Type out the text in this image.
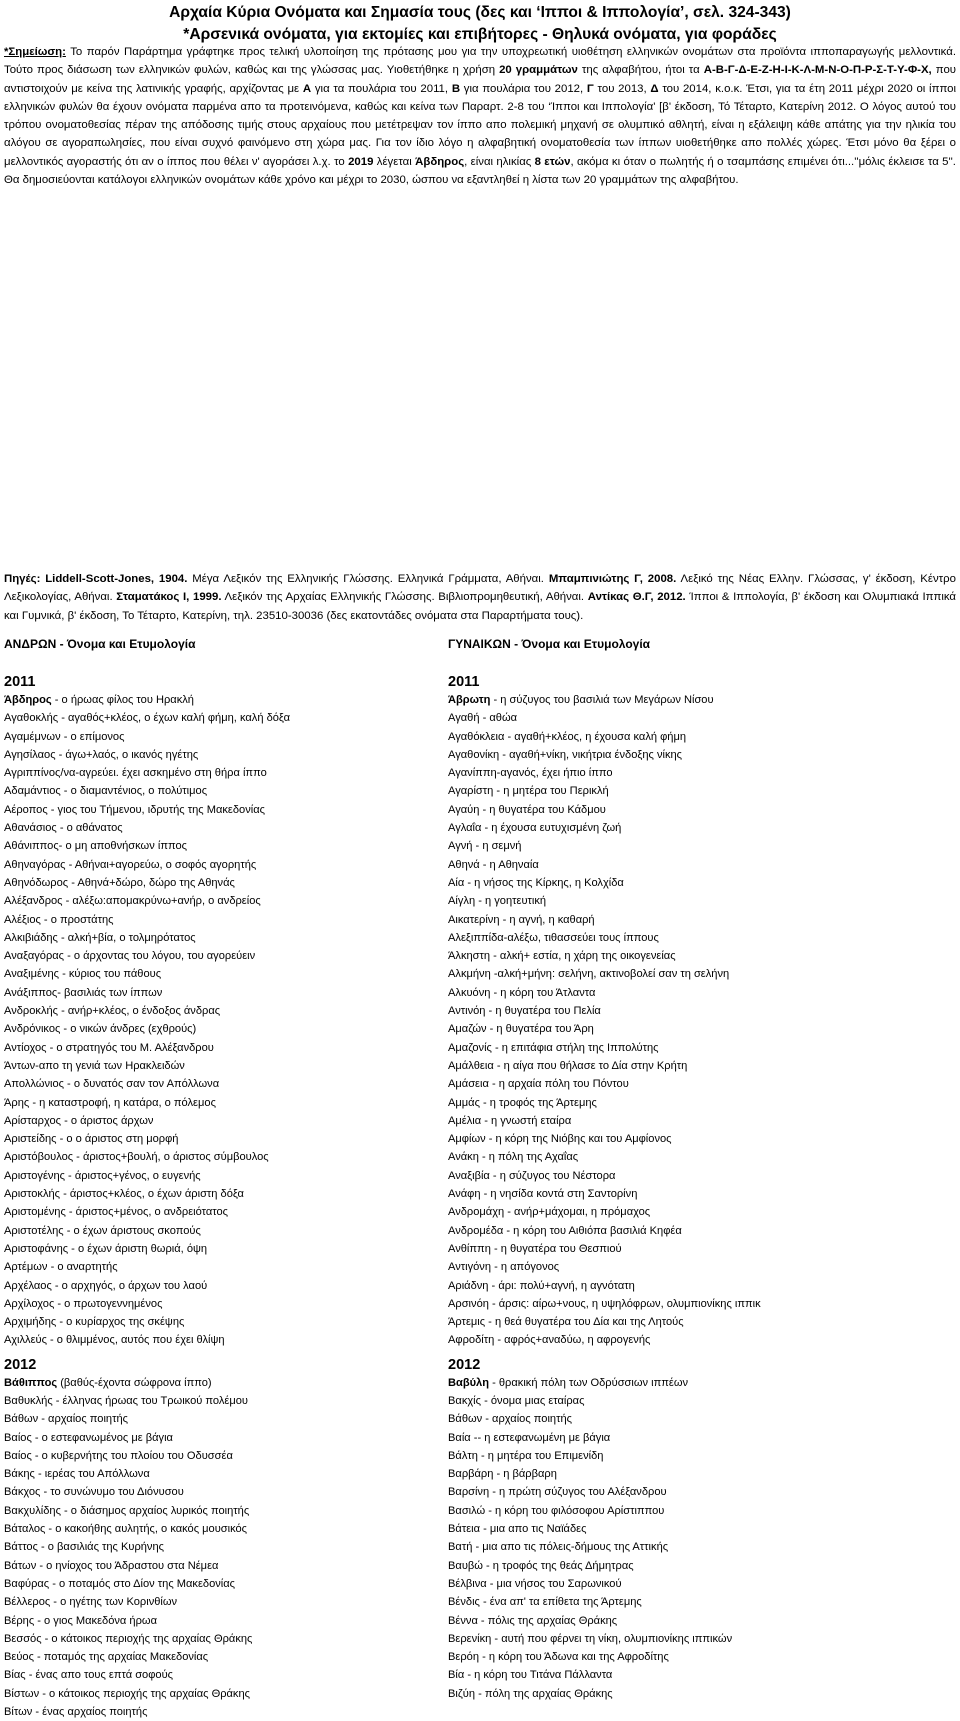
Αρχαία Κύρια Ονόματα και Σημασία τους (δες και ‘Ιπποι & Ιππολογία’, σελ. 324-343)
*Αρσενικά ονόματα, για εκτομίες και επιβήτορες - Θηλυκά ονόματα, για φοράδες
*Σημείωση: Το παρόν Παράρτημα γράφτηκε προς τελική υλοποίηση της πρότασης μου για την υποχρεωτική υιοθέτηση ελληνικών ονομάτων στα προϊόντα ιπποπαραγωγής μελλοντικά. Τούτο προς διάσωση των ελληνικών φυλών, καθώς και της γλώσσας μας. Υιοθετήθηκε η χρήση 20 γραμμάτων της αλφαβήτου, ήτοι τα Α-Β-Γ-Δ-Ε-Ζ-Η-Ι-Κ-Λ-Μ-Ν-Ο-Π-Ρ-Σ-Τ-Υ-Φ-Χ, που αντιστοιχούν με κείνα της λατινικής γραφής, αρχίζοντας με Α για τα πουλάρια του 2011, Β για πουλάρια του 2012, Γ του 2013, Δ του 2014, κ.ο.κ. Έτσι, για τα έτη 2011 μέχρι 2020 οι ίπποι ελληνικών φυλών θα έχουν ονόματα παρμένα απο τα προτεινόμενα, καθώς και κείνα των Παραρτ. 2-8 του ‘Ίπποι και Ιππολογία' [β' έκδοση, Τό Τέταρτο, Κατερίνη 2012. Ο λόγος αυτού του τρόπου ονοματοθεσίας πέραν της απόδοσης τιμής στους αρχαίους που μετέτρεψαν τον ίππο απο πολεμική μηχανή σε ολυμπικό αθλητή, είναι η εξάλειψη κάθε απάτης για την ηλικία του αλόγου σε αγοραπωλησίες, που είναι συχνό φαινόμενο στη χώρα μας. Για τον ίδιο λόγο η αλφαβητική ονοματοθεσία των ίππων υιοθετήθηκε απο πολλές χώρες. Έτσι μόνο θα ξέρει ο μελλοντικός αγοραστής ότι αν ο ίππος που θέλει ν' αγοράσει λ.χ. το 2019 λέγεται Άβδηρος, είναι ηλικίας 8 ετών, ακόμα κι όταν ο πωλητής ή ο τσαμπάσης επιμένει ότι...''μόλις έκλεισε τα 5''. Θα δημοσιεύονται κατάλογοι ελληνικών ονομάτων κάθε χρόνο και μέχρι το 2030, ώσπου να εξαντληθεί η λίστα των 20 γραμμάτων της αλφαβήτου.
Πηγές: Liddell-Scott-Jones, 1904. Μέγα Λεξικόν της Ελληνικής Γλώσσης. Ελληνικά Γράμματα, Αθήναι. Μπαμπινιώτης Γ, 2008. Λεξικό της Νέας Ελλην. Γλώσσας, γ' έκδοση, Κέντρο Λεξικολογίας, Αθήναι. Σταματάκος Ι, 1999. Λεξικόν της Αρχαίας Ελληνικής Γλώσσης. Βιβλιοπρομηθευτική, Αθήναι. Αντίκας Θ.Γ, 2012. Ίπποι & Ιππολογία, β' έκδοση και Ολυμπιακά Ιππικά και Γυμνικά, β' έκδοση, Το Τέταρτο, Κατερίνη, τηλ. 23510-30036 (δες εκατοντάδες ονόματα στα Παραρτήματα τους).
ΑΝΔΡΩΝ - Όνομα και Ετυμολογία	ΓΥΝΑΙΚΩΝ - Όνομα και Ετυμολογία
2011
Άβδηρος - ο ήρωας φίλος του Ηρακλή
Αγαθοκλής - αγαθός+κλέος, ο έχων καλή φήμη, καλή δόξα
Αγαμέμνων - ο επίμονος
Αγησίλαος - άγω+λαός, ο ικανός ηγέτης
Αγριππίνος/να-αγρεύει. έχει ασκημένο στη θήρα ίππο
Αδαμάντιος - ο διαμαντένιος, ο πολύτιμος
Αέροπος - γιος του Τήμενου, ιδρυτής της Μακεδονίας
Αθανάσιος - ο αθάνατος
Αθάνιππος- ο μη αποθνήσκων ίππος
Αθηναγόρας - Αθήναι+αγορεύω, ο σοφός αγορητής
Αθηνόδωρος - Αθηνά+δώρο, δώρο της Αθηνάς
Αλέξανδρος - αλέξω:απομακρύνω+ανήρ, ο ανδρείος
Αλέξιος - ο προστάτης
Αλκιβιάδης - αλκή+βία, ο τολμηρότατος
Αναξαγόρας - ο άρχοντας του λόγου, του αγορεύειν
Αναξιμένης - κύριος του πάθους
Ανάξιππος- βασιλιάς των ίππων
Ανδροκλής - ανήρ+κλέος, ο ένδοξος άνδρας
Ανδρόνικος - ο νικών άνδρες (εχθρούς)
Αντίοχος - ο στρατηγός του Μ. Αλέξανδρου
Άντων-απο τη γενιά των Ηρακλειδών
Απολλώνιος - ο δυνατός σαν τον Απόλλωνα
Άρης - η καταστροφή, η κατάρα, ο πόλεμος
Αρίσταρχος - ο άριστος άρχων
Αριστείδης - ο ο άριστος στη μορφή
Αριστόβουλος - άριστος+βουλή, ο άριστος σύμβουλος
Αριστογένης - άριστος+γένος, ο ευγενής
Αριστοκλής - άριστος+κλέος, ο έχων άριστη δόξα
Αριστομένης - άριστος+μένος, ο ανδρειότατος
Αριστοτέλης - ο έχων άριστους σκοπούς
Αριστοφάνης - ο έχων άριστη θωριά, όψη
Αρτέμων - ο αναρτητής
Αρχέλαος - ο αρχηγός, ο άρχων του λαού
Αρχίλοχος - ο πρωτογεννημένος
Αρχιμήδης - ο κυρίαρχος της σκέψης
Αχιλλεύς - ο θλιμμένος, αυτός που έχει θλίψη
2012
Βάθιππος (βαθύς-έχοντα σώφρονα ίππο)
Βαθυκλής - έλληνας ήρωας του Τρωικού πολέμου
Βάθων - αρχαίος ποιητής
Βαίος - ο εστεφανωμένος με βάγια
Βαίος - ο κυβερνήτης του πλοίου του Οδυσσέα
Βάκης - ιερέας του Απόλλωνα
Βάκχος - το συνώνυμο του Διόνυσου
Βακχυλίδης - ο διάσημος αρχαίος λυρικός ποιητής
Βάταλος - ο κακοήθης αυλητής, ο κακός μουσικός
Βάττος - ο βασιλιάς της Κυρήνης
Βάτων - ο ηνίοχος του Άδραστου στα Νέμεα
Βαφύρας - ο ποταμός στο Δίον της Μακεδονίας
Βέλλερος - ο ηγέτης των Κορινθίων
Βέρης - ο γιος Μακεδόνα ήρωα
Βεσσός - ο κάτοικος περιοχής της αρχαίας Θράκης
Βεύος - ποταμός της αρχαίας Μακεδονίας
Βίας - ένας απο τους επτά σοφούς
Βίστων - ο κάτοικος περιοχής της αρχαίας Θράκης
Βίτων - ένας αρχαίος ποιητής
2011
Άβρωτη - η σύζυγος του βασιλιά των Μεγάρων Νίσου
Αγαθή - αθώα
Αγαθόκλεια - αγαθή+κλέος, η έχουσα καλή φήμη
Αγαθονίκη - αγαθή+νίκη, νικήτρια ένδοξης νίκης
Αγανίππη-αγανός, έχει ήπιο ίππο
Αγαρίστη - η μητέρα του Περικλή
Αγαύη - η θυγατέρα του Κάδμου
Αγλαΐα - η έχουσα ευτυχισμένη ζωή
Αγνή - η σεμνή
Αθηνά - η Αθηναία
Αία - η νήσος της Κίρκης, η Κολχίδα
Αίγλη - η γοητευτική
Αικατερίνη - η αγνή, η καθαρή
Αλεξιππίδα-αλέξω, τιθασσεύει τους ίππους
Άλκηστη - αλκή+ εστία, η χάρη της οικογενείας
Αλκμήνη -αλκή+μήνη: σελήνη, ακτινοβολεί σαν τη σελήνη
Αλκυόνη - η κόρη του Άτλαντα
Αντινόη - η θυγατέρα του Πελία
Αμαζών - η θυγατέρα του Άρη
Αμαζονίς - η επιτάφια στήλη της Ιππολύτης
Αμάλθεια - η αίγα που θήλασε το Δία στην Κρήτη
Αμάσεια - η αρχαία πόλη του Πόντου
Αμμάς - η τροφός της Άρτεμης
Αμέλια - η γνωστή εταίρα
Αμφίων - η κόρη της Νιόβης και του Αμφίονος
Ανάκη - η πόλη της Αχαΐας
Αναξιβία - η σύζυγος του Νέστορα
Ανάφη - η νησίδα κοντά στη Σαντορίνη
Ανδρομάχη - ανήρ+μάχομαι, η πρόμαχος
Ανδρομέδα - η κόρη του Αιθιόπα βασιλιά Κηφέα
Ανθίππη - η θυγατέρα του Θεσπιού
Αντιγόνη - η απόγονος
Αριάδνη - άρι: πολύ+αγνή, η αγνότατη
Αρσινόη - άρσις: αίρω+νους, η υψηλόφρων, ολυμπιονίκης ιππικ
Άρτεμις - η θεά θυγατέρα του Δία και της Λητούς
Αφροδίτη - αφρός+αναδύω, η αφρογενής
2012
Βαβύλη - θρακική πόλη των Οδρύσσιων ιππέων
Βακχίς - όνομα μιας εταίρας
Βάθων - αρχαίος ποιητής
Βαία -- η εστεφανωμένη με βάγια
Βάλτη - η μητέρα του Επιμενίδη
Βαρβάρη - η βάρβαρη
Βαρσίνη - η πρώτη σύζυγος του Αλέξανδρου
Βασιλώ - η κόρη του φιλόσοφου Αρίστιππου
Βάτεια - μια απο τις Ναϊάδες
Βατή - μια απο τις πόλεις-δήμους της Αττικής
Βαυβώ - η τροφός της θεάς Δήμητρας
Βέλβινα - μια νήσος του Σαρωνικού
Βένδις - ένα απ' τα επίθετα της Άρτεμης
Βέννα - πόλις της αρχαίας Θράκης
Βερενίκη - αυτή που φέρνει τη νίκη, ολυμπιονίκης ιππικών
Βερόη - η κόρη του Άδωνα και της Αφροδίτης
Βία - η κόρη του Τιτάνα Πάλλαντα
Βιζύη - πόλη της αρχαίας Θράκης
